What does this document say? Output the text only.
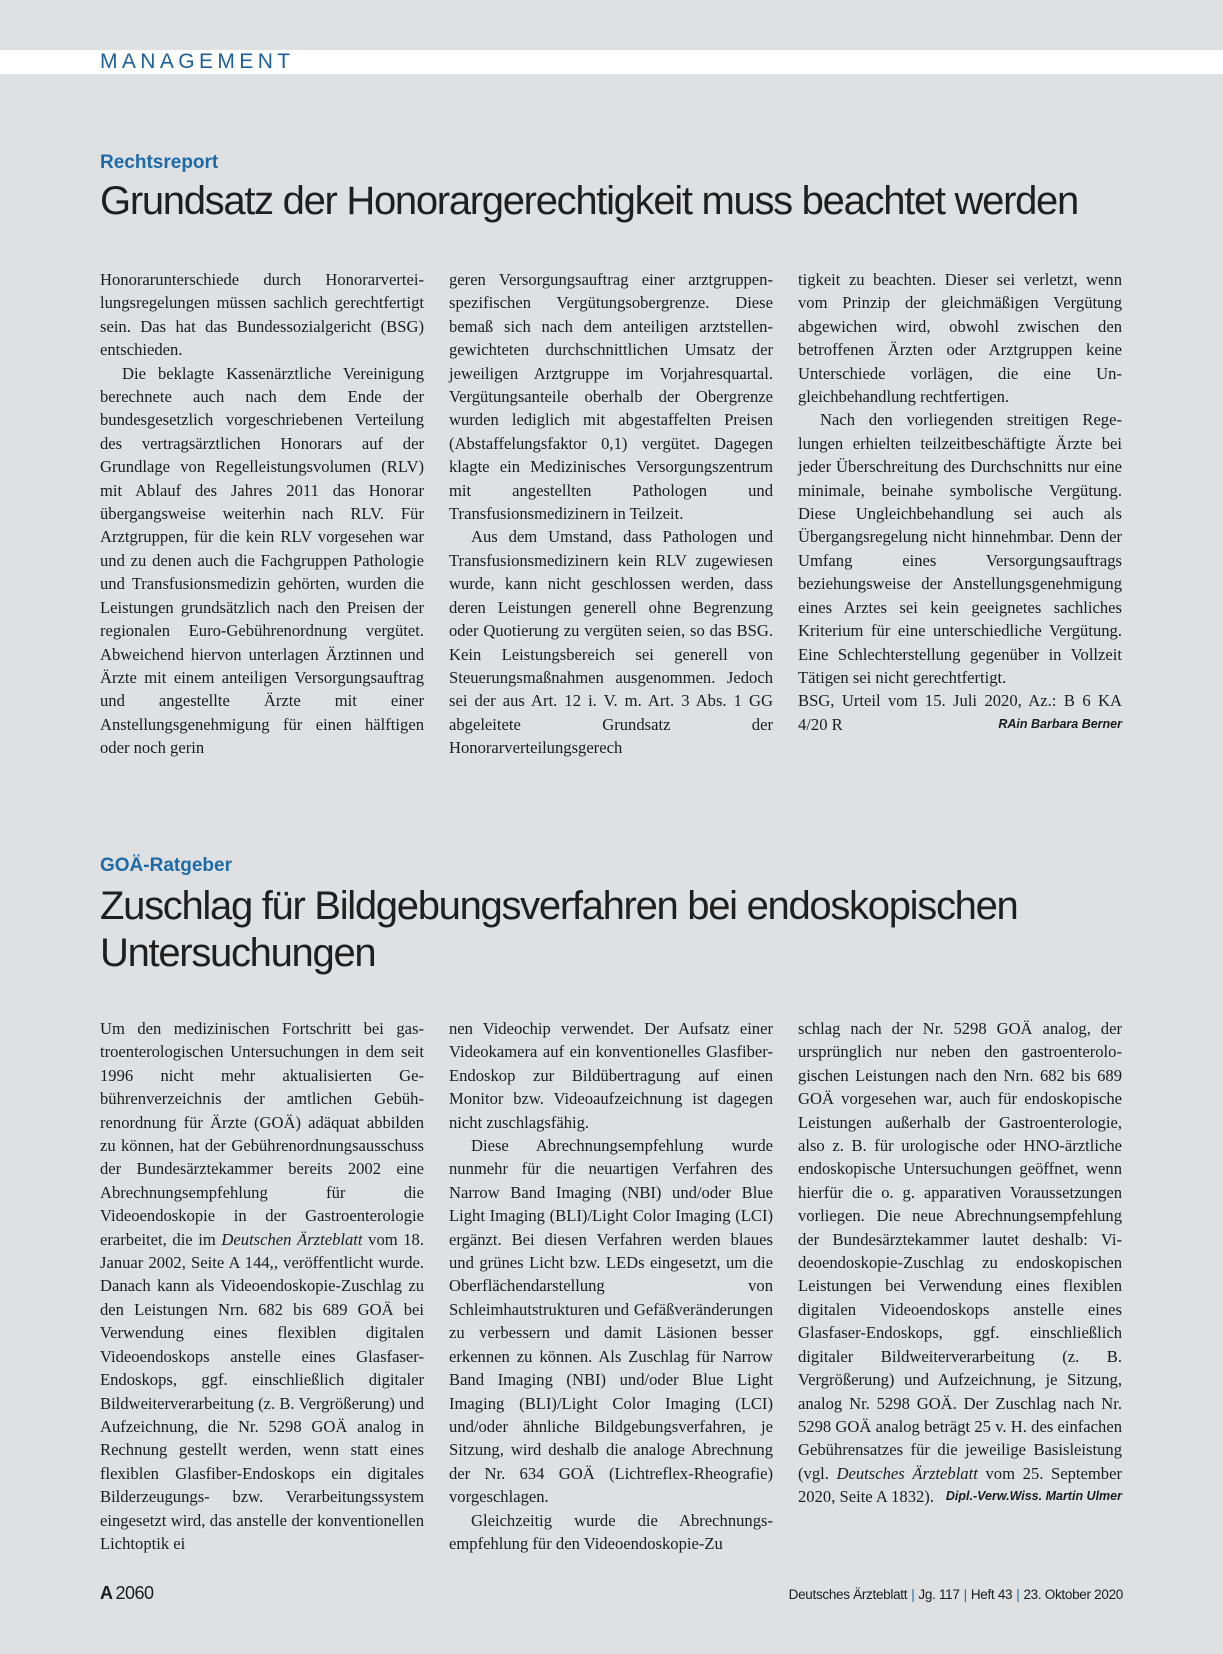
MANAGEMENT
Rechtsreport
Grundsatz der Honorargerechtigkeit muss beachtet werden

Honorarunterschiede durch Honorarverteilungsregelungen müssen sachlich gerechtfertigt sein. Das hat das Bundessozialgericht (BSG) entschieden.

Die beklagte Kassenärztliche Vereinigung berechnete auch nach dem Ende der bundesgesetzlich vorgeschriebenen Verteilung des vertragsärztlichen Honorars auf der Grundlage von Regelleistungsvolumen (RLV) mit Ablauf des Jahres 2011 das Honorar übergangsweise weiterhin nach RLV. Für Arztgruppen, für die kein RLV vorgesehen war und zu denen auch die Fachgruppen Pathologie und Transfusionsmedizin gehörten, wurden die Leistungen grundsätzlich nach den Preisen der regionalen Euro-Gebührenordnung vergütet. Abweichend hiervon unterlagen Ärztinnen und Ärzte mit einem anteiligen Versorgungsauftrag und angestellte Ärzte mit einer Anstellungsgenehmigung für einen hälftigen oder noch gerin

geren Versorgungsauftrag einer arztgruppenspezifischen Vergütungsobergrenze. Diese bemaß sich nach dem anteiligen arztstellengewichteten durchschnittlichen Umsatz der jeweiligen Arztgruppe im Vorjahresquartal. Vergütungsanteile oberhalb der Obergrenze wurden lediglich mit abgestaffelten Preisen (Abstaffelungsfaktor 0,1) vergütet. Dagegen klagte ein Medizinisches Versorgungszentrum mit angestellten Pathologen und Transfusionsmedizinern in Teilzeit.

Aus dem Umstand, dass Pathologen und Transfusionsmedizinern kein RLV zugewiesen wurde, kann nicht geschlossen werden, dass deren Leistungen generell ohne Begrenzung oder Quotierung zu vergüten seien, so das BSG. Kein Leistungsbereich sei generell von Steuerungsmaßnahmen ausgenommen. Jedoch sei der aus Art. 12 i. V. m. Art. 3 Abs. 1 GG abgeleitete Grundsatz der Honorarverteilungsgerech

tigkeit zu beachten. Dieser sei verletzt, wenn vom Prinzip der gleichmäßigen Vergütung abgewichen wird, obwohl zwischen den betroffenen Ärzten oder Arztgruppen keine Unterschiede vorlägen, die eine Ungleichbehandlung rechtfertigen.

Nach den vorliegenden streitigen Regelungen erhielten teilzeitbeschäftigte Ärzte bei jeder Überschreitung des Durchschnitts nur eine minimale, beinahe symbolische Vergütung. Diese Ungleichbehandlung sei auch als Übergangsregelung nicht hinnehmbar. Denn der Umfang eines Versorgungsauftrags beziehungsweise der Anstellungsgenehmigung eines Arztes sei kein geeignetes sachliches Kriterium für eine unterschiedliche Vergütung. Eine Schlechterstellung gegenüber in Vollzeit Tätigen sei nicht gerechtfertigt.

BSG, Urteil vom 15. Juli 2020, Az.: B 6 KA 4/20 R	RAin Barbara Berner

GOÄ-Ratgeber
Zuschlag für Bildgebungsverfahren bei endoskopischen
Untersuchungen

Um den medizinischen Fortschritt bei gastroenterologischen Untersuchungen in dem seit 1996 nicht mehr aktualisierten Gebührenverzeichnis der amtlichen Gebührenordnung für Ärzte (GOÄ) adäquat abbilden zu können, hat der Gebührenordnungsausschuss der Bundesärztekammer bereits 2002 eine Abrechnungsempfehlung für die Videoendoskopie in der Gastroenterologie erarbeitet, die im Deutschen Ärzteblatt vom 18. Januar 2002, Seite A 144,, veröffentlicht wurde. Danach kann als Videoendoskopie-Zuschlag zu den Leistungen Nrn. 682 bis 689 GOÄ bei Verwendung eines flexiblen digitalen Videoendoskops anstelle eines Glasfaser-Endoskops, ggf. einschließlich digitaler Bildweiterverarbeitung (z. B. Vergrößerung) und Aufzeichnung, die Nr. 5298 GOÄ analog in Rechnung gestellt werden, wenn statt eines flexiblen Glasfiber-Endoskops ein digitales Bilderzeugungs- bzw. Verarbeitungssystem eingesetzt wird, das anstelle der konventionellen Lichtoptik ei

nen Videochip verwendet. Der Aufsatz einer Videokamera auf ein konventionelles Glasfiber-Endoskop zur Bildübertragung auf einen Monitor bzw. Videoaufzeichnung ist dagegen nicht zuschlagsfähig.

Diese Abrechnungsempfehlung wurde nunmehr für die neuartigen Verfahren des Narrow Band Imaging (NBI) und/oder Blue Light Imaging (BLI)/Light Color Imaging (LCI) ergänzt. Bei diesen Verfahren werden blaues und grünes Licht bzw. LEDs eingesetzt, um die Oberflächendarstellung von Schleimhautstrukturen und Gefäßveränderungen zu verbessern und damit Läsionen besser erkennen zu können. Als Zuschlag für Narrow Band Imaging (NBI) und/oder Blue Light Imaging (BLI)/Light Color Imaging (LCI) und/oder ähnliche Bildgebungsverfahren, je Sitzung, wird deshalb die analoge Abrechnung der Nr. 634 GOÄ (Lichtreflex-Rheografie) vorgeschlagen.

Gleichzeitig wurde die Abrechnungsempfehlung für den Videoendoskopie-Zu

schlag nach der Nr. 5298 GOÄ analog, der ursprünglich nur neben den gastroenterologischen Leistungen nach den Nrn. 682 bis 689 GOÄ vorgesehen war, auch für endoskopische Leistungen außerhalb der Gastroenterologie, also z. B. für urologische oder HNO-ärztliche endoskopische Untersuchungen geöffnet, wenn hierfür die o. g. apparativen Voraussetzungen vorliegen. Die neue Abrechnungsempfehlung der Bundesärztekammer lautet deshalb: Videoendoskopie-Zuschlag zu endoskopischen Leistungen bei Verwendung eines flexiblen digitalen Videoendoskops anstelle eines Glasfaser-Endoskops, ggf. einschließlich digitaler Bildweiterverarbeitung (z. B. Vergrößerung) und Aufzeichnung, je Sitzung, analog Nr. 5298 GOÄ. Der Zuschlag nach Nr. 5298 GOÄ analog beträgt 25 v. H. des einfachen Gebührensatzes für die jeweilige Basisleistung (vgl. Deutsches Ärzteblatt vom 25. September 2020, Seite A 1832). Dipl.-Verw.Wiss. Martin Ulmer

A 2060	Deutsches Ärzteblatt | Jg. 117 | Heft 43 | 23. Oktober 2020
